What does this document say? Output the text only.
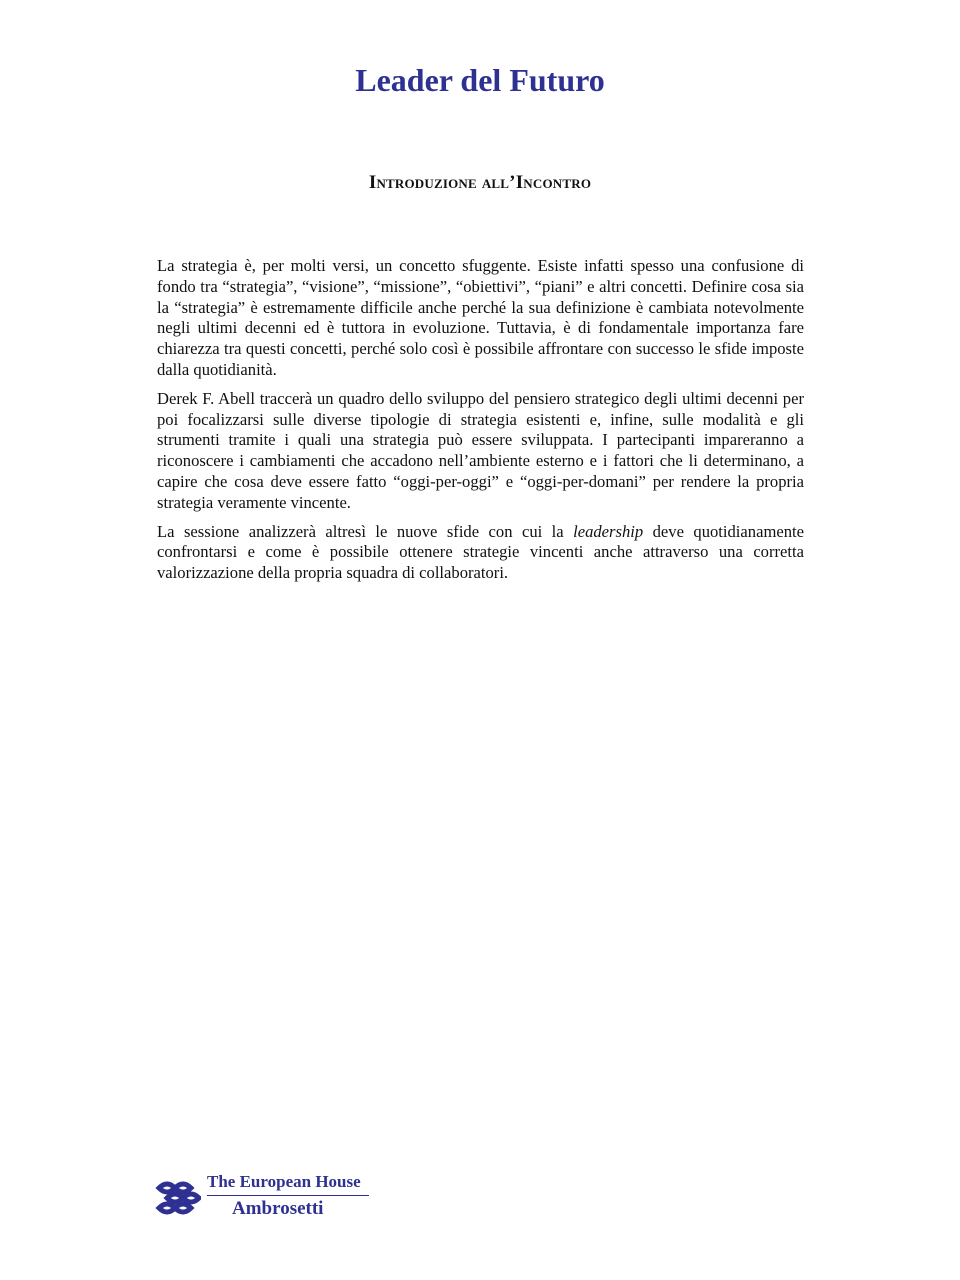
Leader del Futuro
Introduzione all’Incontro

La strategia è, per molti versi, un concetto sfuggente. Esiste infatti spesso una confusione di fondo tra “strategia”, “visione”, “missione”, “obiettivi”, “piani” e altri concetti. Definire cosa sia la “strategia” è estremamente difficile anche perché la sua definizione è cambiata notevolmente negli ultimi decenni ed è tuttora in evoluzione. Tuttavia, è di fondamentale importanza fare chiarezza tra questi concetti, perché solo così è possibile affrontare con successo le sfide imposte dalla quotidianità.

Derek F. Abell traccerà un quadro dello sviluppo del pensiero strategico degli ultimi decenni per poi focalizzarsi sulle diverse tipologie di strategia esistenti e, infine, sulle modalità e gli strumenti tramite i quali una strategia può essere sviluppata. I partecipanti impareranno a riconoscere i cambiamenti che accadono nell’ambiente esterno e i fattori che li determinano, a capire che cosa deve essere fatto “oggi-per-oggi” e “oggi-per-domani” per rendere la propria strategia veramente vincente.

La sessione analizzerà altresì le nuove sfide con cui la leadership deve quotidianamente confrontarsi e come è possibile ottenere strategie vincenti anche attraverso una corretta valorizzazione della propria squadra di collaboratori.

The European House
Ambrosetti
